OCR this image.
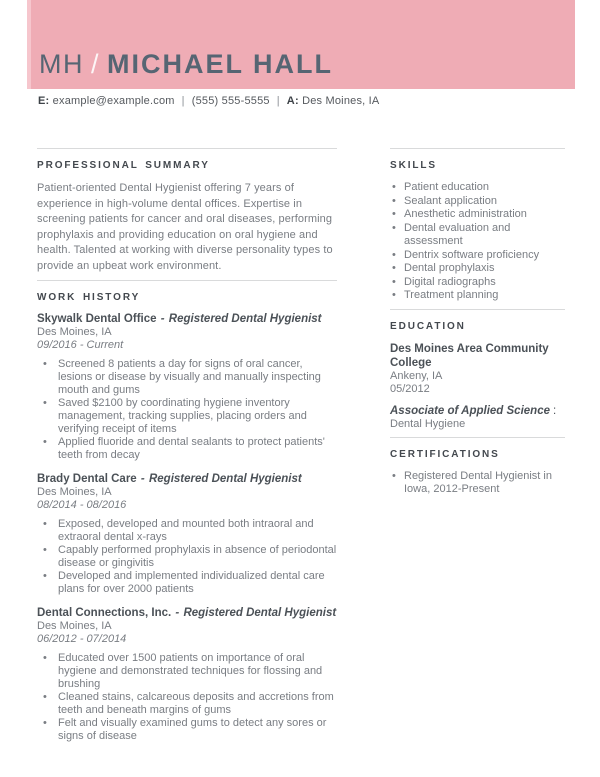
MH / MICHAEL HALL
E: example@example.com | (555) 555-5555 | A: Des Moines, IA
PROFESSIONAL SUMMARY

Patient-oriented Dental Hygienist offering 7 years of experience in high-volume dental offices. Expertise in screening patients for cancer and oral diseases, performing prophylaxis and providing education on oral hygiene and health. Talented at working with diverse personality types to provide an upbeat work environment.

WORK HISTORY
Skywalk Dental Office - Registered Dental Hygienist
Des Moines, IA
09/2016 - Current
• Screened 8 patients a day for signs of oral cancer, lesions or disease by visually and manually inspecting mouth and gums
• Saved $2100 by coordinating hygiene inventory management, tracking supplies, placing orders and verifying receipt of items
• Applied fluoride and dental sealants to protect patients' teeth from decay
Brady Dental Care - Registered Dental Hygienist
Des Moines, IA
08/2014 - 08/2016
• Exposed, developed and mounted both intraoral and extraoral dental x-rays
• Capably performed prophylaxis in absence of periodontal disease or gingivitis
• Developed and implemented individualized dental care plans for over 2000 patients
Dental Connections, Inc. - Registered Dental Hygienist
Des Moines, IA
06/2012 - 07/2014
• Educated over 1500 patients on importance of oral hygiene and demonstrated techniques for flossing and brushing
• Cleaned stains, calcareous deposits and accretions from teeth and beneath margins of gums
• Felt and visually examined gums to detect any sores or signs of disease
SKILLS
• Patient education
• Sealant application
• Anesthetic administration
• Dental evaluation and assessment
• Dentrix software proficiency
• Dental prophylaxis
• Digital radiographs
• Treatment planning
EDUCATION
Des Moines Area Community College
Ankeny, IA
05/2012
Associate of Applied Science :
Dental Hygiene
CERTIFICATIONS
• Registered Dental Hygienist in Iowa, 2012-Present
